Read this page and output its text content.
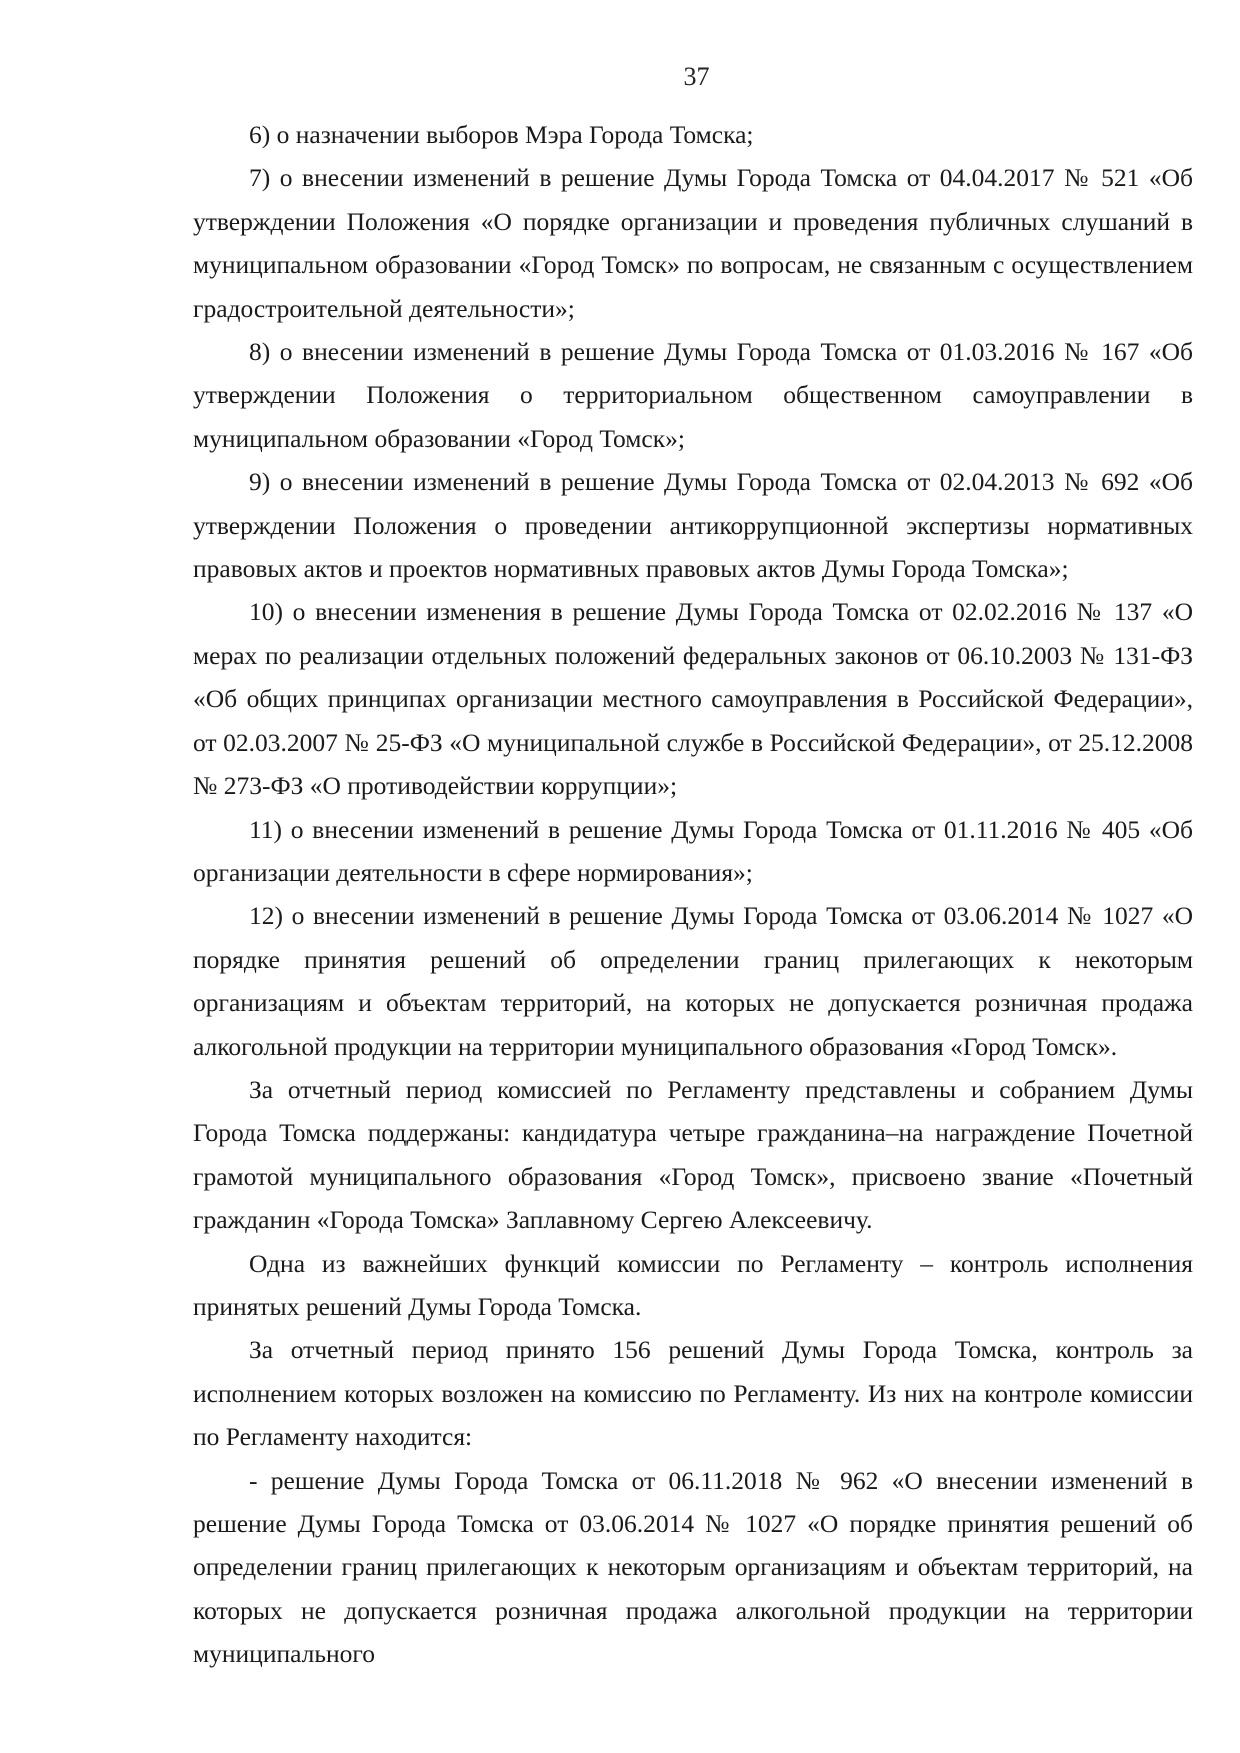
37

6) о назначении выборов Мэра Города Томска;

7) о внесении изменений в решение Думы Города Томска от 04.04.2017 № 521 «Об утверждении Положения «О порядке организации и проведения публичных слушаний в муниципальном образовании «Город Томск» по вопросам, не связанным с осуществлением градостроительной деятельности»;

8) о внесении изменений в решение Думы Города Томска от 01.03.2016 № 167 «Об утверждении Положения о территориальном общественном самоуправлении в муниципальном образовании «Город Томск»;

9) о внесении изменений в решение Думы Города Томска от 02.04.2013 № 692 «Об утверждении Положения о проведении антикоррупционной экспертизы нормативных правовых актов и проектов нормативных правовых актов Думы Города Томска»;

10) о внесении изменения в решение Думы Города Томска от 02.02.2016 № 137 «О мерах по реализации отдельных положений федеральных законов от 06.10.2003 № 131-ФЗ «Об общих принципах организации местного самоуправления в Российской Федерации», от 02.03.2007 № 25-ФЗ «О муниципальной службе в Российской Федерации», от 25.12.2008 № 273-ФЗ «О противодействии коррупции»;

11) о внесении изменений в решение Думы Города Томска от 01.11.2016 № 405 «Об организации деятельности в сфере нормирования»;

12) о внесении изменений в решение Думы Города Томска от 03.06.2014 № 1027 «О порядке принятия решений об определении границ прилегающих к некоторым организациям и объектам территорий, на которых не допускается розничная продажа алкогольной продукции на территории муниципального образования «Город Томск».

За отчетный период комиссией по Регламенту представлены и собранием Думы Города Томска поддержаны: кандидатура четыре гражданина–на награждение Почетной грамотой муниципального образования «Город Томск», присвоено звание «Почетный гражданин «Города Томска» Заплавному Сергею Алексеевичу.

Одна из важнейших функций комиссии по Регламенту – контроль исполнения принятых решений Думы Города Томска.

За отчетный период принято 156 решений Думы Города Томска, контроль за исполнением которых возложен на комиссию по Регламенту. Из них на контроле комиссии по Регламенту находится:

- решение Думы Города Томска от 06.11.2018 № 962 «О внесении изменений в решение Думы Города Томска от 03.06.2014 № 1027 «О порядке принятия решений об определении границ прилегающих к некоторым организациям и объектам территорий, на которых не допускается розничная продажа алкогольной продукции на территории муниципального
